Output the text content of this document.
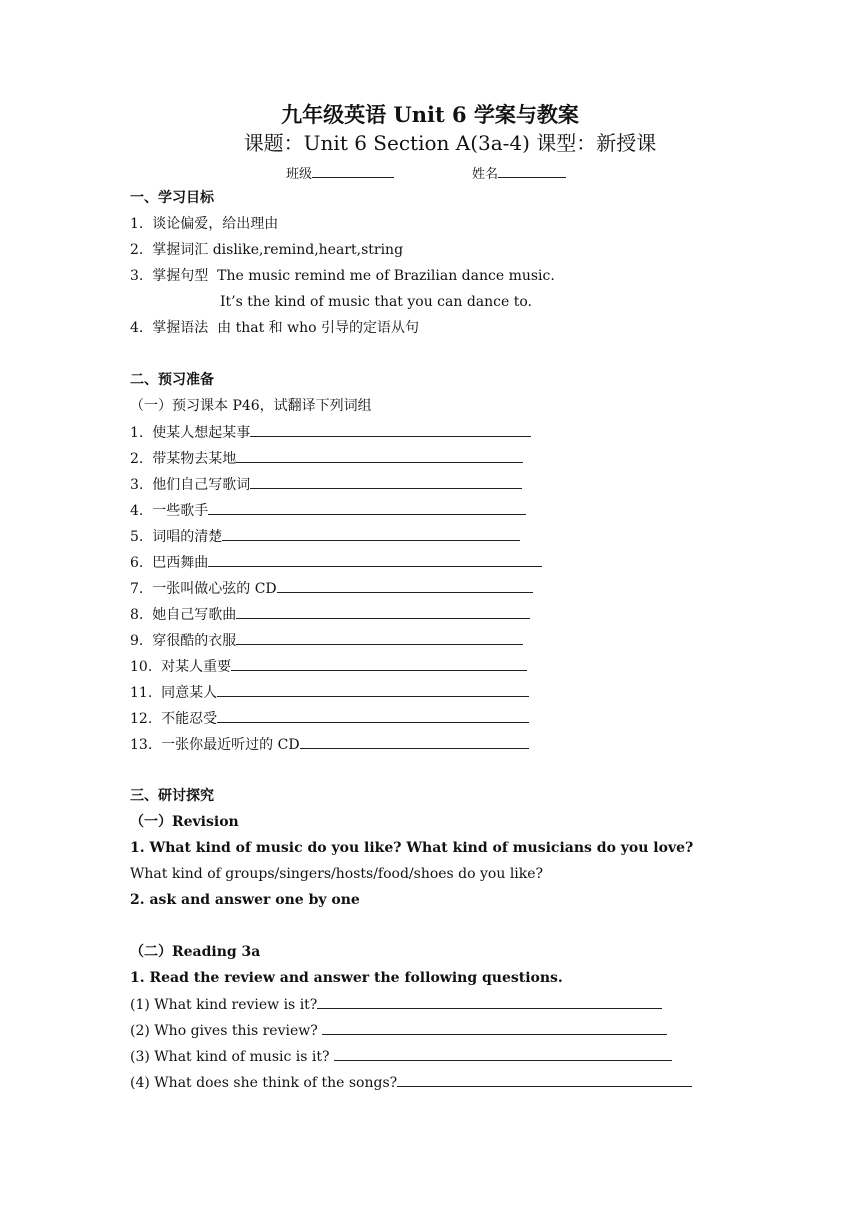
九年级英语 Unit 6 学案与教案
课题：Unit 6 Section A(3a-4) 课型：新授课
班级	姓名
一、学习目标
1.  谈论偏爱，给出理由
2.  掌握词汇 dislike,remind,heart,string
3.  掌握句型  The music remind me of Brazilian dance music.
It’s the kind of music that you can dance to.
4.  掌握语法  由 that 和 who 引导的定语从句
二、预习准备
（一）预习课本 P46，试翻译下列词组
1.  使某人想起某事
2.  带某物去某地
3.  他们自己写歌词
4.  一些歌手
5.  词唱的清楚
6.  巴西舞曲
7.  一张叫做心弦的 CD
8.  她自己写歌曲
9.  穿很酷的衣服
10.  对某人重要
11.  同意某人
12.  不能忍受
13.  一张你最近听过的 CD
三、研讨探究
（一）Revision
1. What kind of music do you like? What kind of musicians do you love?
What kind of groups/singers/hosts/food/shoes do you like?
2. ask and answer one by one
（二）Reading 3a
1. Read the review and answer the following questions.
(1) What kind review is it?
(2) Who gives this review?
(3) What kind of music is it?
(4) What does she think of the songs?
